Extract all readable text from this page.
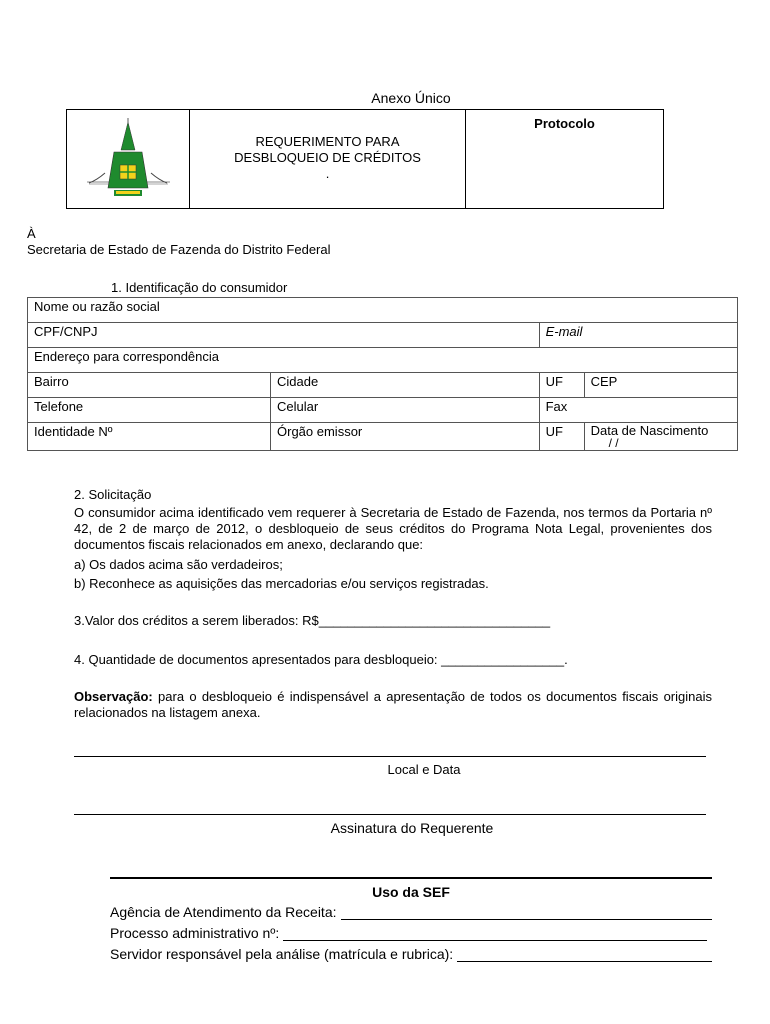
Anexo Único
REQUERIMENTO PARA
DESBLOQUEIO DE CRÉDITOS
.
Protocolo
À
Secretaria de Estado de Fazenda do Distrito Federal
1. Identificação do consumidor
Nome ou razão social			
CPF/CNPJ		E-mail	
Endereço para correspondência			
Bairro	Cidade	UF	CEP
Telefone	Celular	Fax	
Identidade Nº	Órgão emissor	UF	Data de Nascimento
/ /
2. Solicitação
O consumidor acima identificado vem requerer à Secretaria de Estado de Fazenda, nos termos da Portaria nº 42, de 2 de março de 2012, o desbloqueio de seus créditos do Programa Nota Legal, provenientes dos documentos fiscais relacionados em anexo, declarando que:
a) Os dados acima são verdadeiros;
b) Reconhece as aquisições das mercadorias e/ou serviços registradas.
3.Valor dos créditos a serem liberados: R$________________________________
4. Quantidade de documentos apresentados para desbloqueio: _________________.
Observação: para o desbloqueio é indispensável a apresentação de todos os documentos fiscais originais relacionados na listagem anexa.
Local e Data
Assinatura do Requerente
Uso da SEF
Agência de Atendimento da Receita:
Processo administrativo nº:
Servidor responsável pela análise (matrícula e rubrica):
